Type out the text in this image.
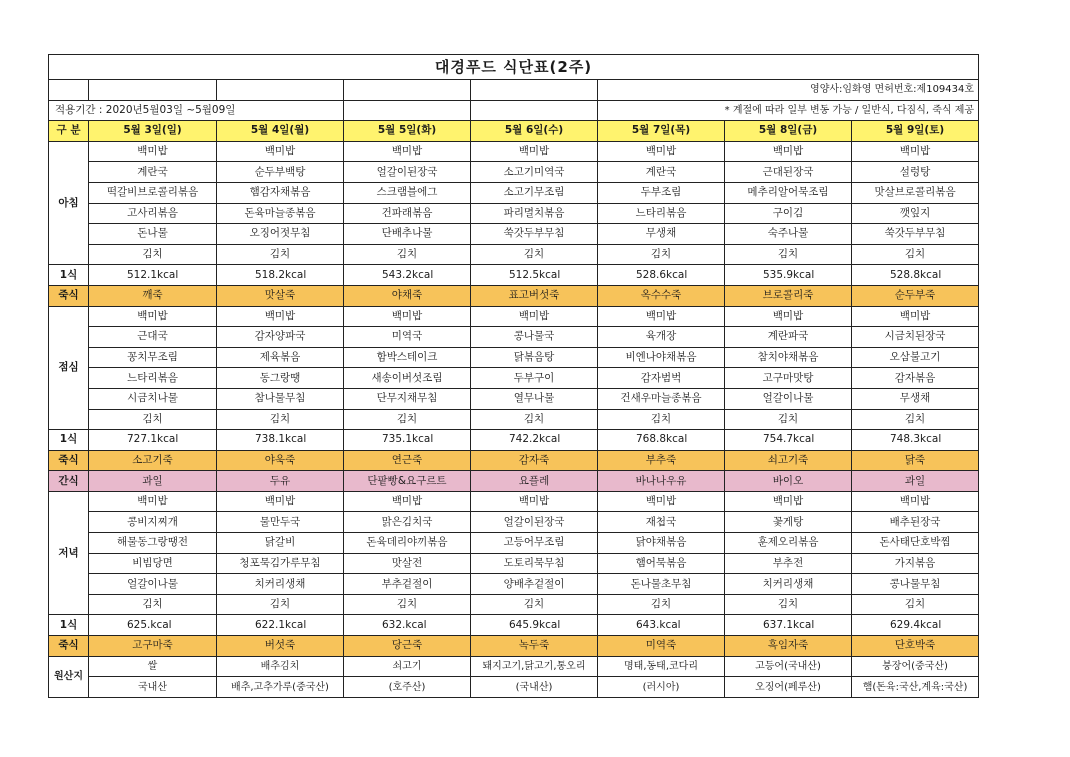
대경푸드 식단표(2주)							
					영양사:임화영 면허번호:제109434호		
적용기간 : 2020년5월03일 ~5월09일					* 계절에 따라 일부 변동 가능 / 일반식, 다짐식, 죽식 제공		
구 분	5월 3일(일)	5월 4일(월)	5월 5일(화)	5월 6일(수)	5월 7일(목)	5월 8일(금)	5월 9일(토)
아침	백미밥	백미밥	백미밥	백미밥	백미밥	백미밥	백미밥
	계란국	순두부백탕	얼갈이된장국	소고기미역국	계란국	근대된장국	설렁탕
	떡갈비브로콜리볶음	햄감자채볶음	스크램블에그	소고기무조림	두부조림	메추리알어묵조림	맛살브로콜리볶음
	고사리볶음	돈육마늘종볶음	건파래볶음	파리멸치볶음	느타리볶음	구이김	깻잎지
	돈나물	오징어젓무침	단배추나물	쑥갓두부무침	무생채	숙주나물	쑥갓두부무침
	김치	김치	김치	김치	김치	김치	김치
1식	512.1kcal	518.2kcal	543.2kcal	512.5kcal	528.6kcal	535.9kcal	528.8kcal
죽식	깨죽	맛살죽	야채죽	표고버섯죽	옥수수죽	브로콜리죽	순두부죽
점심	백미밥	백미밥	백미밥	백미밥	백미밥	백미밥	백미밥
	근대국	감자양파국	미역국	콩나물국	육개장	계란파국	시금치된장국
	꽁치무조림	제육볶음	함박스테이크	닭볶음탕	비엔나야채볶음	참치야채볶음	오삼불고기
	느타리볶음	동그랑땡	새송이버섯조림	두부구이	감자범벅	고구마맛탕	감자볶음
	시금치나물	참나물무침	단무지채무침	열무나물	건새우마늘종볶음	얼갈이나물	무생채
	김치	김치	김치	김치	김치	김치	김치
1식	727.1kcal	738.1kcal	735.1kcal	742.2kcal	768.8kcal	754.7kcal	748.3kcal
죽식	소고기죽	야욱죽	연근죽	감자죽	부추죽	쇠고기죽	닭죽
간식	과일	두유	단팥빵&요구르트	요플레	바나나우유	바이오	과일
저녁	백미밥	백미밥	백미밥	백미밥	백미밥	백미밥	백미밥
	콩비지찌개	물만두국	맑은김치국	얼갈이된장국	재첩국	꽃게탕	배추된장국
	해물동그랑땡전	닭갈비	돈육데리야끼볶음	고등어무조림	닭야채볶음	훈제오리볶음	돈사태단호박찜
	비빔당면	청포묵김가루무침	맛살전	도토리묵무침	햄어묵볶음	부추전	가지볶음
	얼갈이나물	치커리생채	부추겉절이	양배추겉절이	돈나물초무침	치커리생채	콩나물무침
	김치	김치	김치	김치	김치	김치	김치
1식	625.kcal	622.1kcal	632.kcal	645.9kcal	643.kcal	637.1kcal	629.4kcal
죽식	고구마죽	버섯죽	당근죽	녹두죽	미역죽	흑임자죽	단호박죽
원산지	쌀	배추김치	쇠고기	돼지고기,닭고기,통오리	명태,동태,코다리	고등어(국내산)	붕장어(중국산)
	국내산	배추,고추가루(중국산)	(호주산)	(국내산)	(러시아)	오징어(페루산)	햄(돈육:국산,계육:국산)
